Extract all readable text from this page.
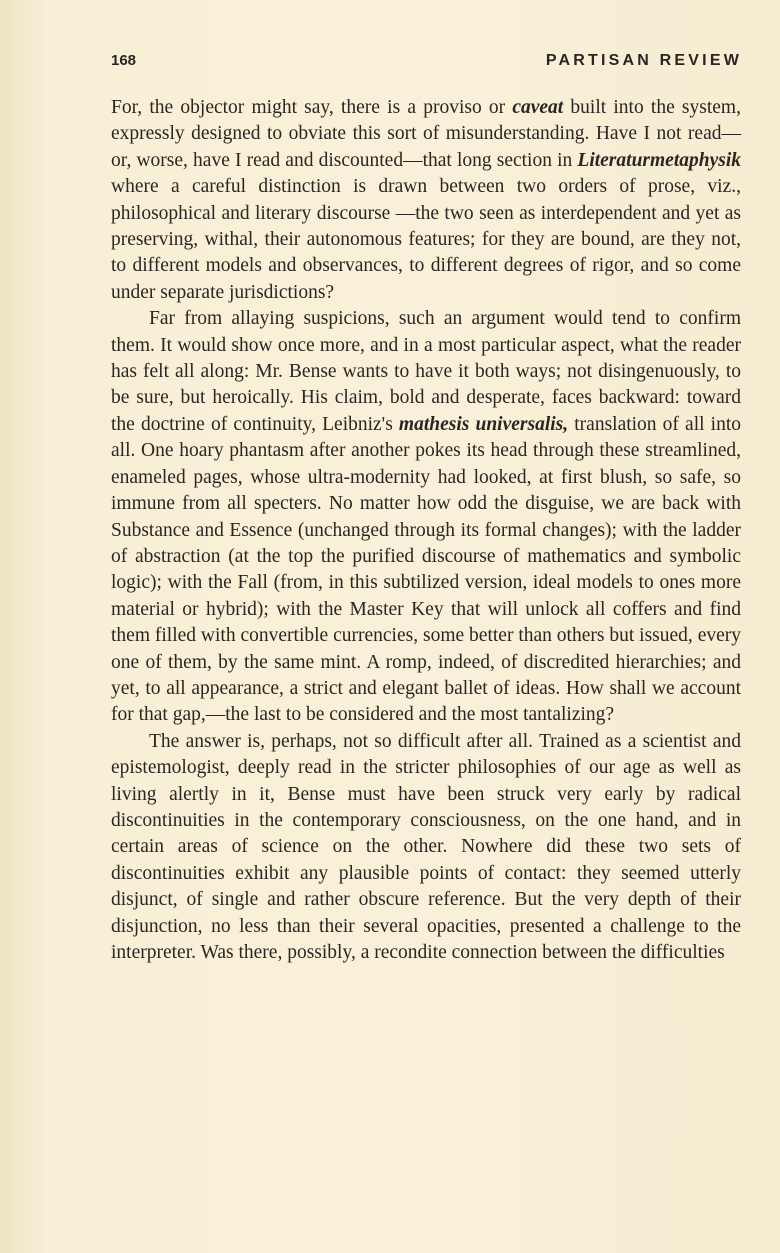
168	PARTISAN REVIEW

For, the objector might say, there is a proviso or caveat built into the system, expressly designed to obviate this sort of misunderstanding. Have I not read—or, worse, have I read and discounted—that long section in Literaturmetaphysik where a careful distinction is drawn between two orders of prose, viz., philosophical and literary discourse —the two seen as interdependent and yet as preserving, withal, their autonomous features; for they are bound, are they not, to different models and observances, to different degrees of rigor, and so come under separate jurisdictions?

Far from allaying suspicions, such an argument would tend to confirm them. It would show once more, and in a most particular aspect, what the reader has felt all along: Mr. Bense wants to have it both ways; not disingenuously, to be sure, but heroically. His claim, bold and desperate, faces backward: toward the doctrine of continuity, Leibniz's mathesis universalis, translation of all into all. One hoary phantasm after another pokes its head through these streamlined, enameled pages, whose ultra-modernity had looked, at first blush, so safe, so immune from all specters. No matter how odd the disguise, we are back with Substance and Essence (unchanged through its formal changes); with the ladder of abstraction (at the top the purified discourse of mathematics and symbolic logic); with the Fall (from, in this subtilized version, ideal models to ones more material or hybrid); with the Master Key that will unlock all coffers and find them filled with convertible currencies, some better than others but issued, every one of them, by the same mint. A romp, indeed, of discredited hierarchies; and yet, to all appearance, a strict and elegant ballet of ideas. How shall we account for that gap,—the last to be considered and the most tantalizing?

The answer is, perhaps, not so difficult after all. Trained as a scientist and epistemologist, deeply read in the stricter philosophies of our age as well as living alertly in it, Bense must have been struck very early by radical discontinuities in the contemporary consciousness, on the one hand, and in certain areas of science on the other. Nowhere did these two sets of discontinuities exhibit any plausible points of contact: they seemed utterly disjunct, of single and rather obscure reference. But the very depth of their disjunction, no less than their several opacities, presented a challenge to the interpreter. Was there, possibly, a recondite connection between the difficulties
